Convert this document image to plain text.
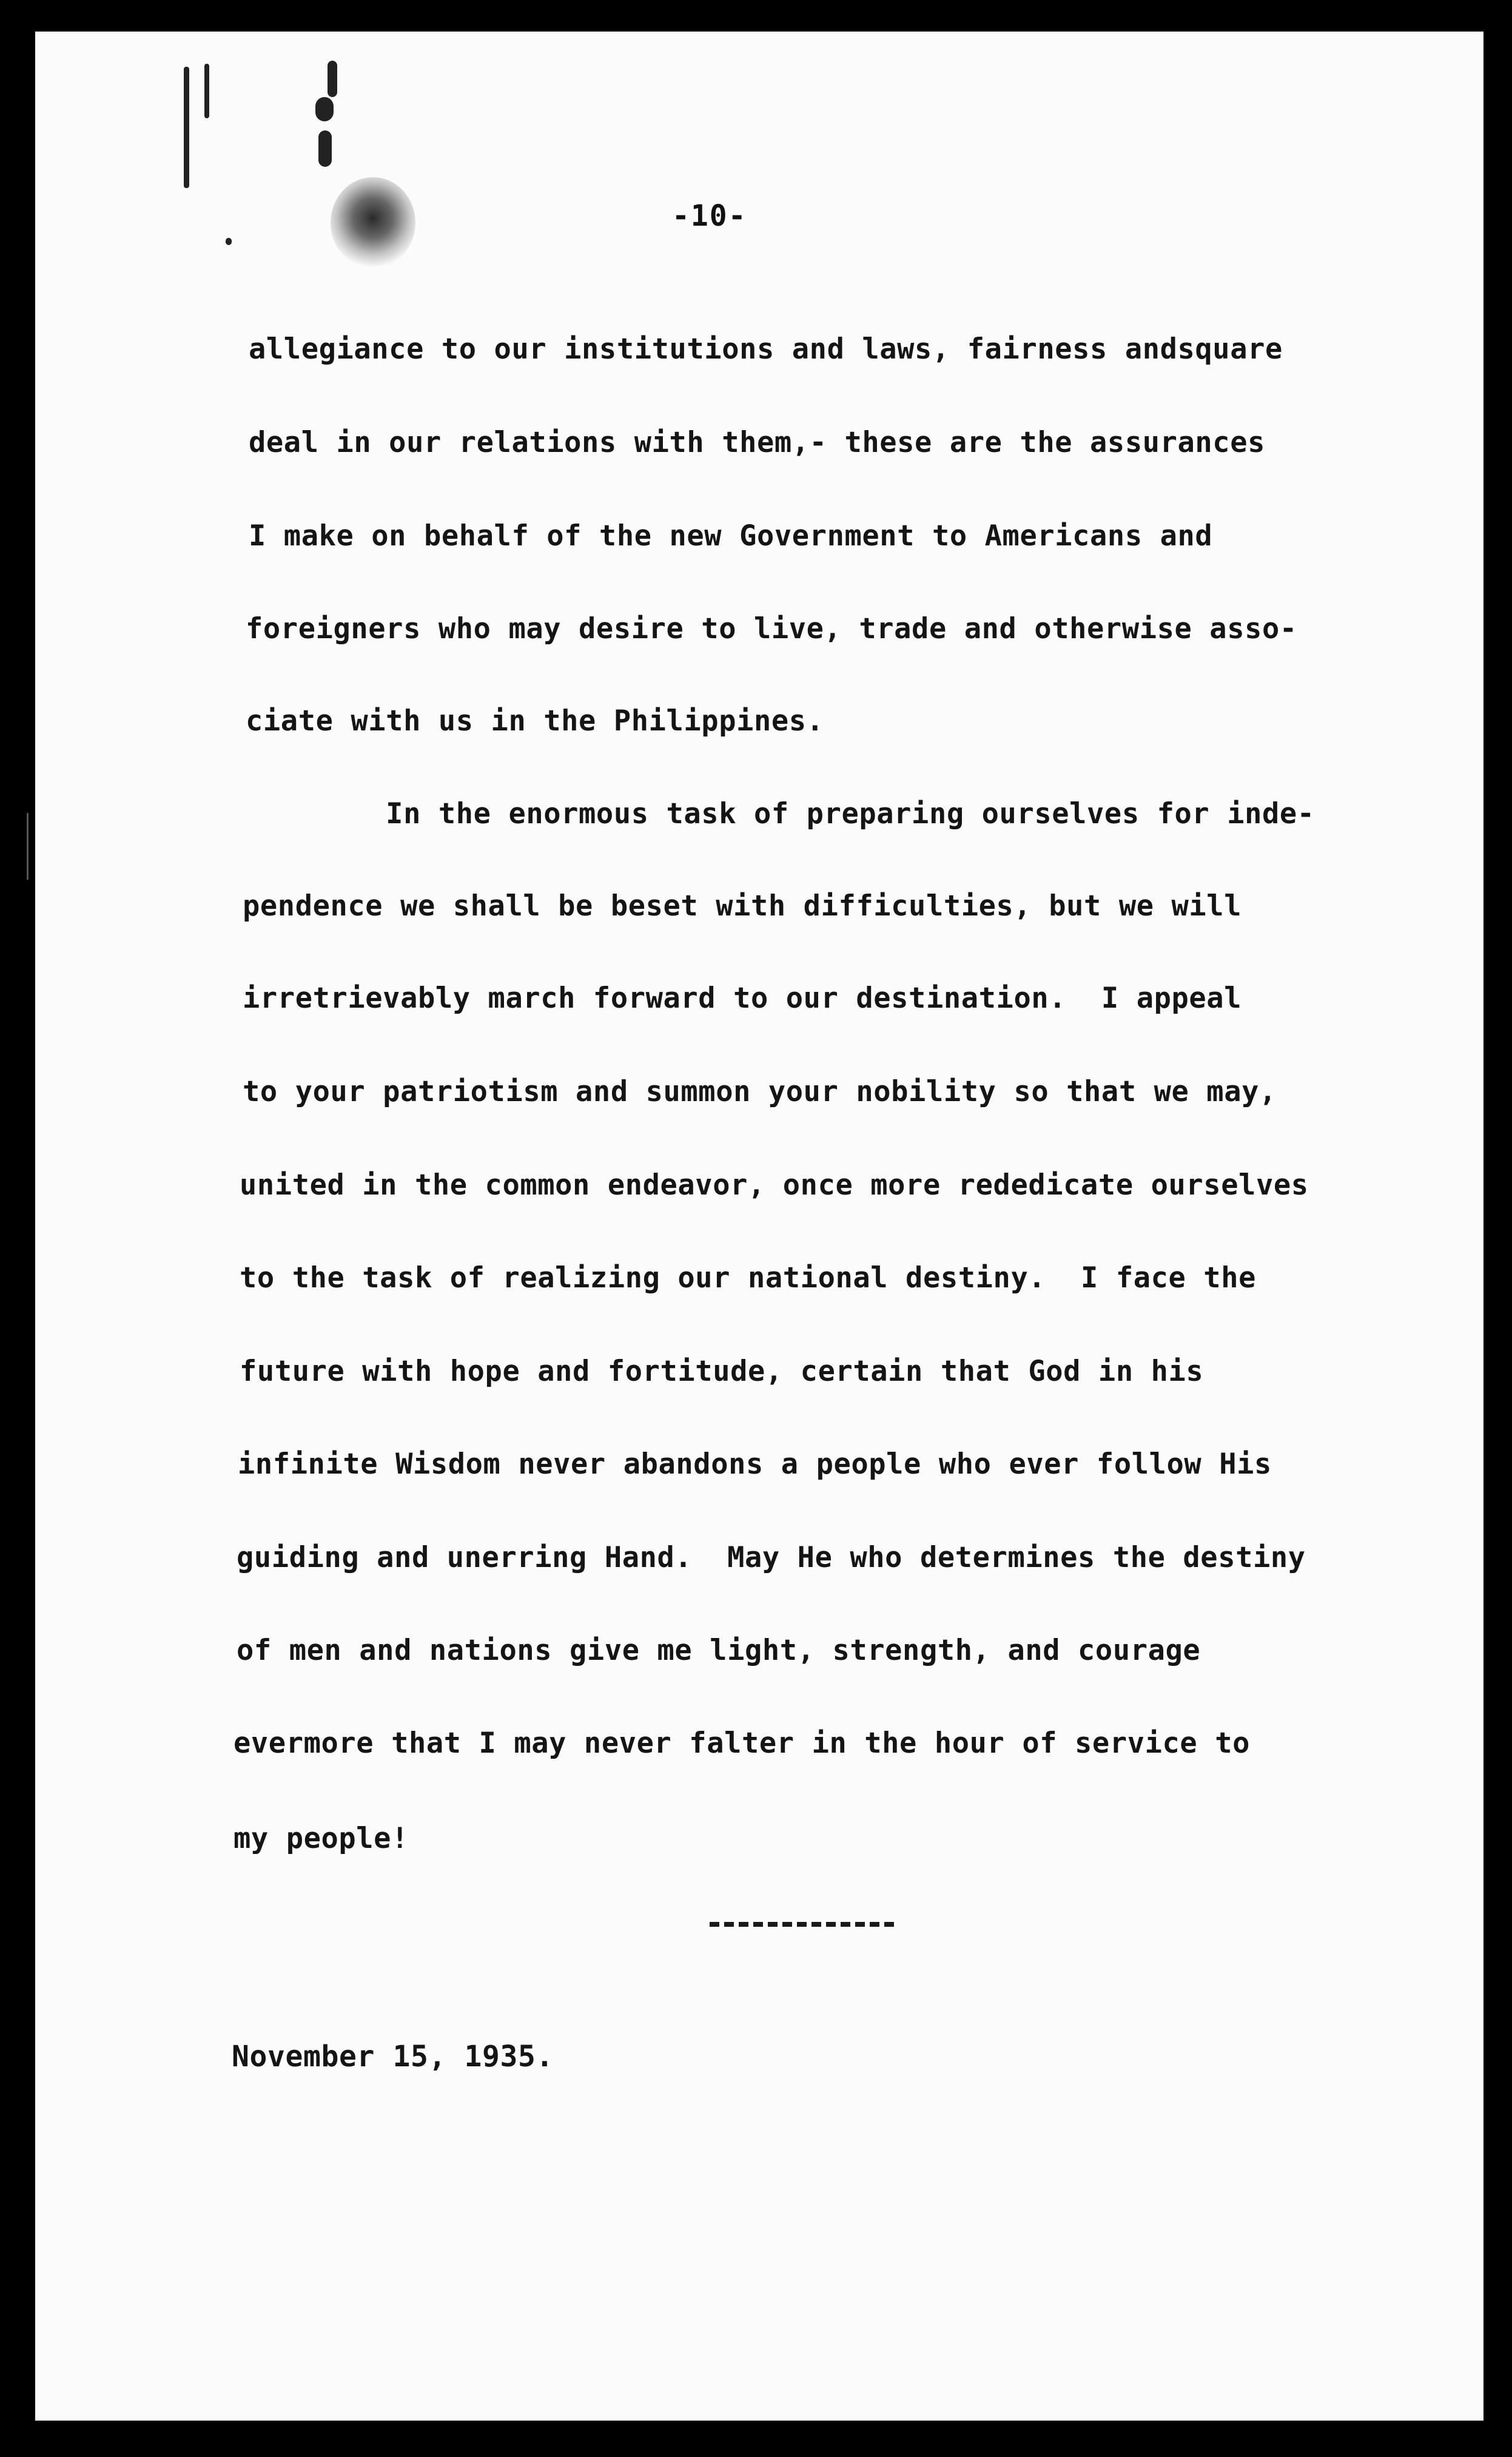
-10-
allegiance to our institutions and laws, fairness andsquare
deal in our relations with them,- these are the assurances
I make on behalf of the new Government to Americans and
foreigners who may desire to live, trade and otherwise asso-
ciate with us in the Philippines.
In the enormous task of preparing ourselves for inde-
pendence we shall be beset with difficulties, but we will
irretrievably march forward to our destination.  I appeal
to your patriotism and summon your nobility so that we may,
united in the common endeavor, once more rededicate ourselves
to the task of realizing our national destiny.  I face the
future with hope and fortitude, certain that God in his
infinite Wisdom never abandons a people who ever follow His
guiding and unerring Hand.  May He who determines the destiny
of men and nations give me light, strength, and courage
evermore that I may never falter in the hour of service to
my people!
November 15, 1935.
